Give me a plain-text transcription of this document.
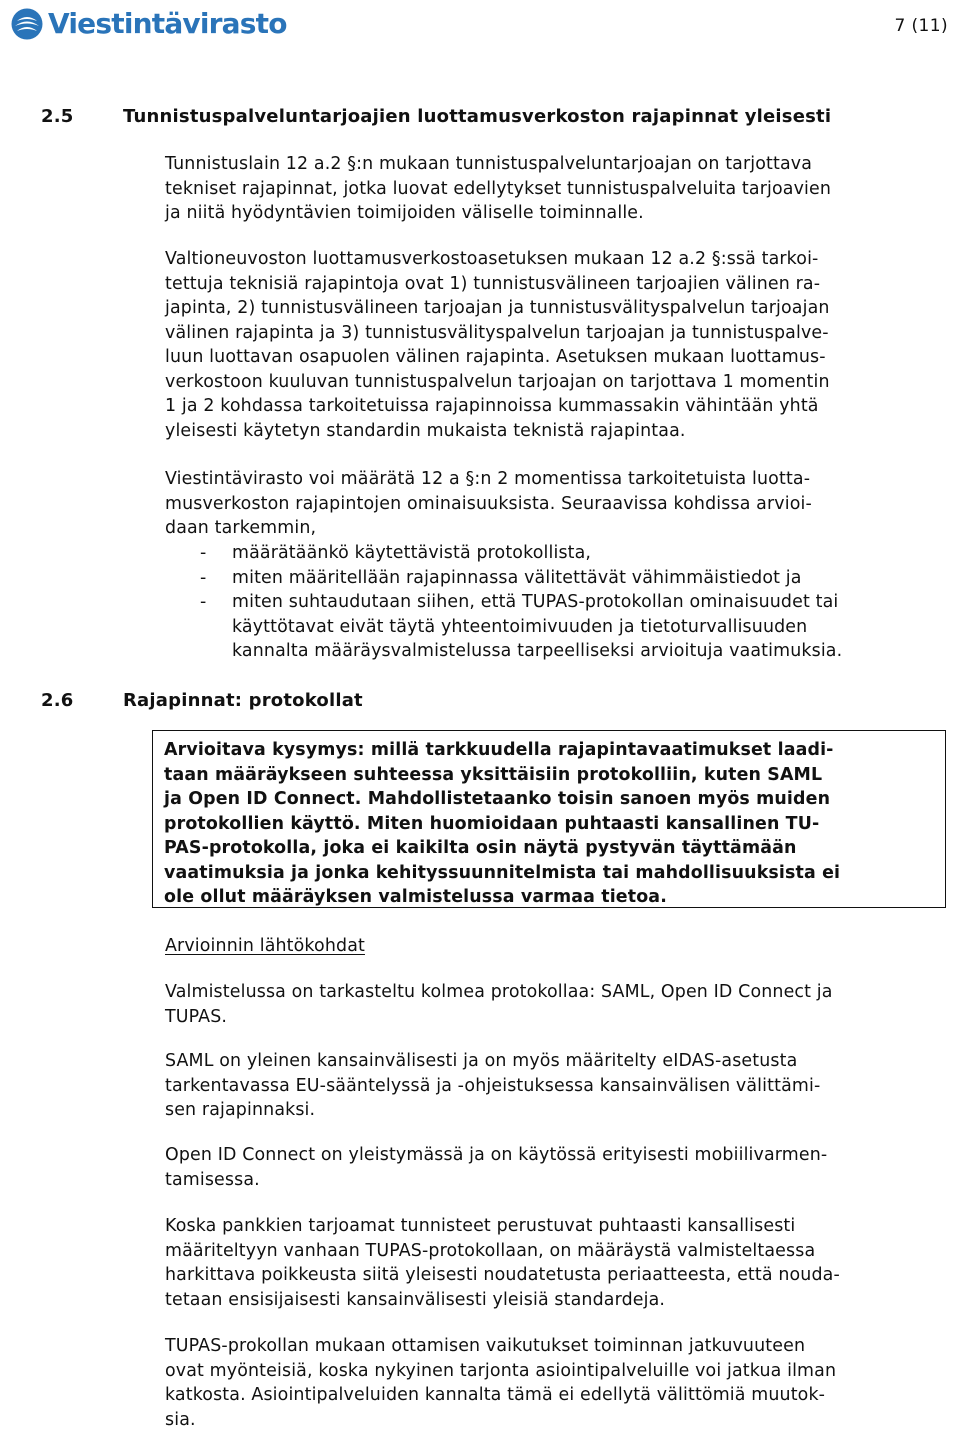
Viestintävirasto	7 (11)
2.5	Tunnistuspalveluntarjoajien luottamusverkoston rajapinnat yleisesti

Tunnistuslain 12 a.2 §:n mukaan tunnistuspalveluntarjoajan on tarjottava
tekniset rajapinnat, jotka luovat edellytykset tunnistuspalveluita tarjoavien
ja niitä hyödyntävien toimijoiden väliselle toiminnalle.

Valtioneuvoston luottamusverkostoasetuksen mukaan 12 a.2 §:ssä tarkoi-
tettuja teknisiä rajapintoja ovat 1) tunnistusvälineen tarjoajien välinen ra-
japinta, 2) tunnistusvälineen tarjoajan ja tunnistusvälityspalvelun tarjoajan
välinen rajapinta ja 3) tunnistusvälityspalvelun tarjoajan ja tunnistuspalve-
luun luottavan osapuolen välinen rajapinta. Asetuksen mukaan luottamus-
verkostoon kuuluvan tunnistuspalvelun tarjoajan on tarjottava 1 momentin
1 ja 2 kohdassa tarkoitetuissa rajapinnoissa kummassakin vähintään yhtä
yleisesti käytetyn standardin mukaista teknistä rajapintaa.

Viestintävirasto voi määrätä 12 a §:n 2 momentissa tarkoitetuista luotta-
musverkoston rajapintojen ominaisuuksista. Seuraavissa kohdissa arvioi-
daan tarkemmin,

- määrätäänkö käytettävistä protokollista,
- miten määritellään rajapinnassa välitettävät vähimmäistiedot ja
- miten suhtaudutaan siihen, että TUPAS-protokollan ominaisuudet tai
käyttötavat eivät täytä yhteentoimivuuden ja tietoturvallisuuden
kannalta määräysvalmistelussa tarpeelliseksi arvioituja vaatimuksia.
2.6	Rajapinnat: protokollat
Arvioitava kysymys: millä tarkkuudella rajapintavaatimukset laadi-
taan määräykseen suhteessa yksittäisiin protokolliin, kuten SAML
ja Open ID Connect. Mahdollistetaanko toisin sanoen myös muiden
protokollien käyttö. Miten huomioidaan puhtaasti kansallinen TU-
PAS-protokolla, joka ei kaikilta osin näytä pystyvän täyttämään
vaatimuksia ja jonka kehityssuunnitelmista tai mahdollisuuksista ei
ole ollut määräyksen valmistelussa varmaa tietoa.
Arvioinnin lähtökohdat

Valmistelussa on tarkasteltu kolmea protokollaa: SAML, Open ID Connect ja
TUPAS.

SAML on yleinen kansainvälisesti ja on myös määritelty eIDAS-asetusta
tarkentavassa EU-sääntelyssä ja -ohjeistuksessa kansainvälisen välittämi-
sen rajapinnaksi.

Open ID Connect on yleistymässä ja on käytössä erityisesti mobiilivarmen-
tamisessa.

Koska pankkien tarjoamat tunnisteet perustuvat puhtaasti kansallisesti
määriteltyyn vanhaan TUPAS-protokollaan, on määräystä valmisteltaessa
harkittava poikkeusta siitä yleisesti noudatetusta periaatteesta, että nouda-
tetaan ensisijaisesti kansainvälisesti yleisiä standardeja.

TUPAS-prokollan mukaan ottamisen vaikutukset toiminnan jatkuvuuteen
ovat myönteisiä, koska nykyinen tarjonta asiointipalveluille voi jatkua ilman
katkosta. Asiointipalveluiden kannalta tämä ei edellytä välittömiä muutok-
sia.
